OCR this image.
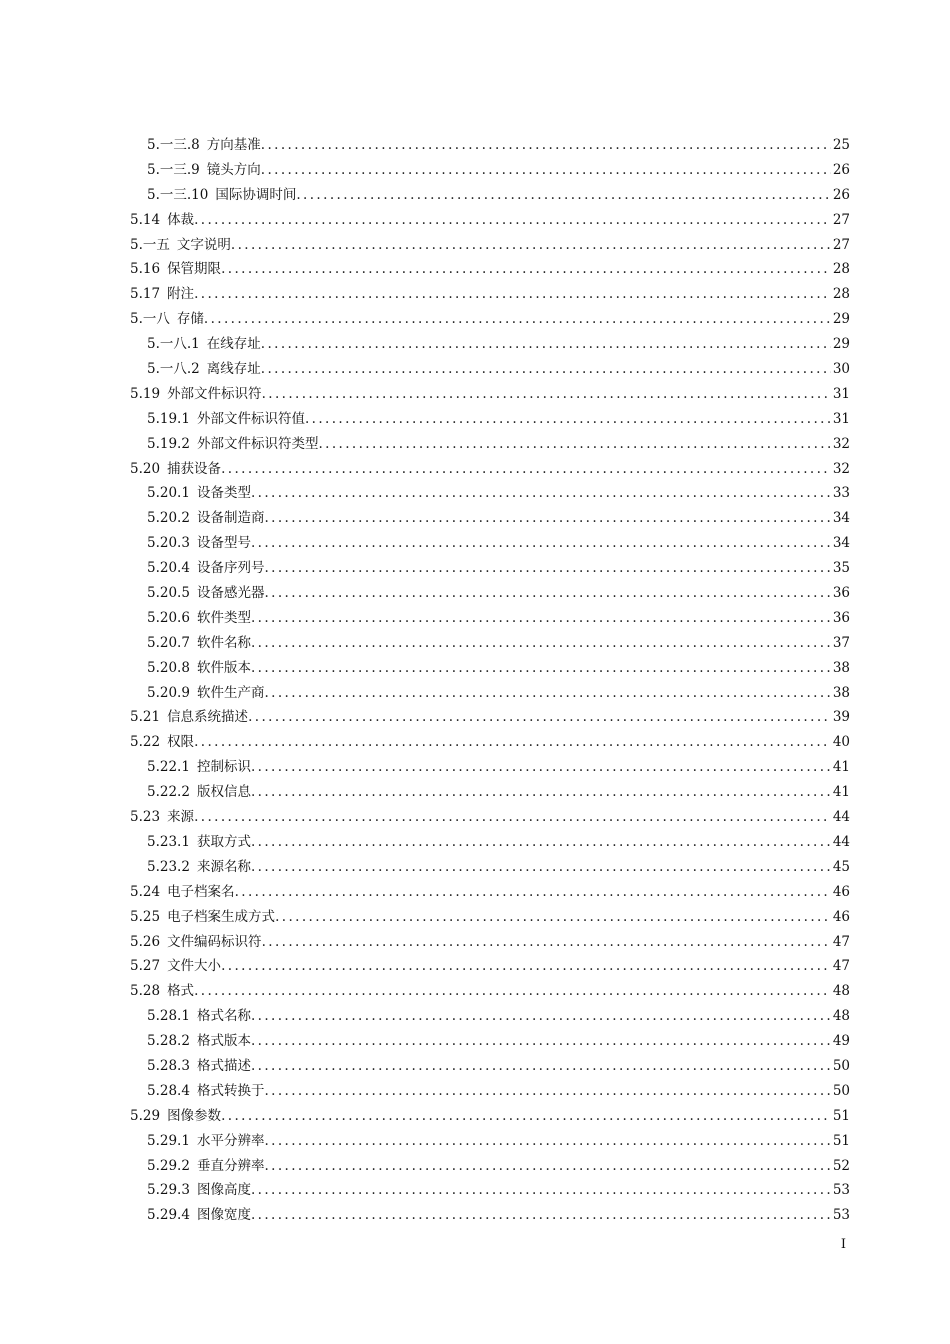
5.一三.8 方向基准 .....	25
5.一三.9 镜头方向 .....	26
5.一三.10 国际协调时间 .....	26
5.14 体裁 .....	27
5.一五 文字说明 .....	27
5.16 保管期限 .....	28
5.17 附注 .....	28
5.一八 存储 .....	29
5.一八.1 在线存址 .....	29
5.一八.2 离线存址 .....	30
5.19 外部文件标识符 .....	31
5.19.1 外部文件标识符值 .....	31
5.19.2 外部文件标识符类型 .....	32
5.20 捕获设备 .....	32
5.20.1 设备类型 .....	33
5.20.2 设备制造商 .....	34
5.20.3 设备型号 .....	34
5.20.4 设备序列号 .....	35
5.20.5 设备感光器 .....	36
5.20.6 软件类型 .....	36
5.20.7 软件名称 .....	37
5.20.8 软件版本 .....	38
5.20.9 软件生产商 .....	38
5.21 信息系统描述 .....	39
5.22 权限 .....	40
5.22.1 控制标识 .....	41
5.22.2 版权信息 .....	41
5.23 来源 .....	44
5.23.1 获取方式 .....	44
5.23.2 来源名称 .....	45
5.24 电子档案名 .....	46
5.25 电子档案生成方式 .....	46
5.26 文件编码标识符 .....	47
5.27 文件大小 .....	47
5.28 格式 .....	48
5.28.1 格式名称 .....	48
5.28.2 格式版本 .....	49
5.28.3 格式描述 .....	50
5.28.4 格式转换于 .....	50
5.29 图像参数 .....	51
5.29.1 水平分辨率 .....	51
5.29.2 垂直分辨率 .....	52
5.29.3 图像高度 .....	53
5.29.4 图像宽度 .....	53
I
